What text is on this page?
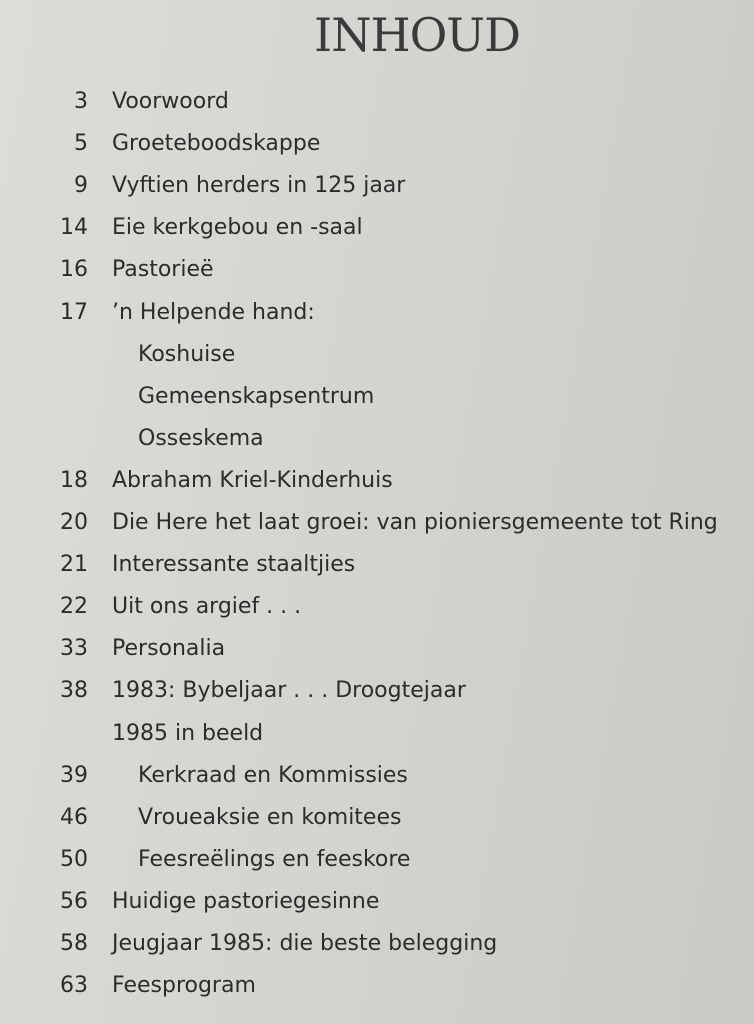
INHOUD
3 Voorwoord
5 Groeteboodskappe
9 Vyftien herders in 125 jaar
14 Eie kerkgebou en -saal
16 Pastorieë
17 ’n Helpende hand:
Koshuise
Gemeenskapsentrum
Osseskema
18 Abraham Kriel-Kinderhuis
20 Die Here het laat groei: van pioniersgemeente tot Ring
21 Interessante staaltjies
22 Uit ons argief . . .
33 Personalia
38 1983: Bybeljaar . . . Droogtejaar
1985 in beeld
39 Kerkraad en Kommissies
46 Vroueaksie en komitees
50 Feesreëlings en feeskore
56 Huidige pastoriegesinne
58 Jeugjaar 1985: die beste belegging
63 Feesprogram
